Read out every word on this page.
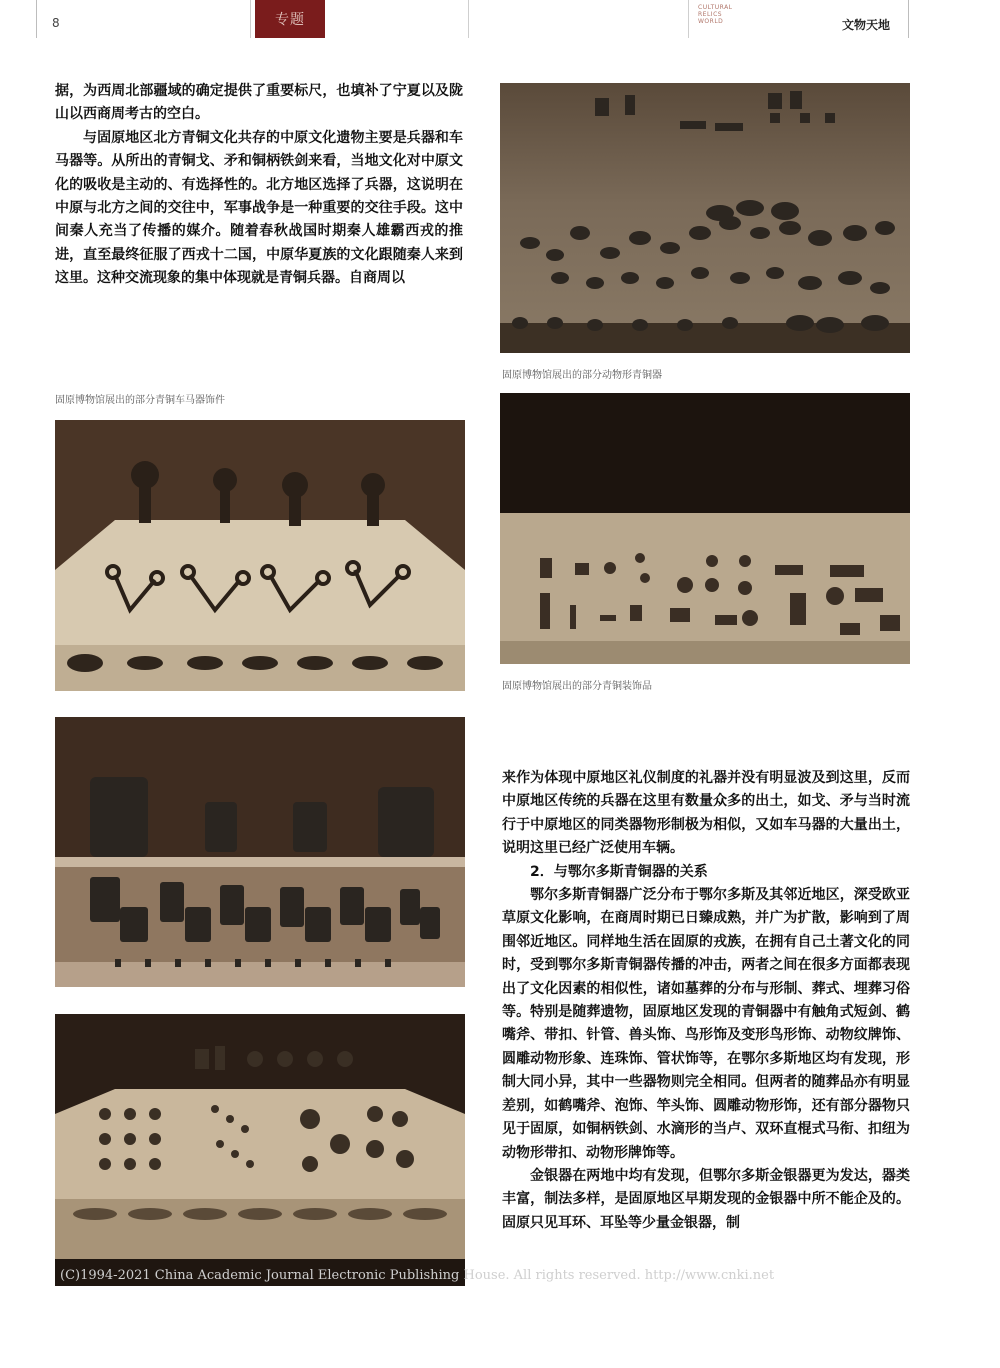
8	专题
CULTURAL
RELICS
WORLD	文物天地

据，为西周北部疆域的确定提供了重要标尺，也填补了宁夏以及陇山以西商周考古的空白。

与固原地区北方青铜文化共存的中原文化遗物主要是兵器和车马器等。从所出的青铜戈、矛和铜柄铁剑来看，当地文化对中原文化的吸收是主动的、有选择性的。北方地区选择了兵器，这说明在中原与北方之间的交往中，军事战争是一种重要的交往手段。这中间秦人充当了传播的媒介。随着春秋战国时期秦人雄霸西戎的推进，直至最终征服了西戎十二国，中原华夏族的文化跟随秦人来到这里。这种交流现象的集中体现就是青铜兵器。自商周以

固原博物馆展出的部分动物形青铜器
固原博物馆展出的部分青铜车马器饰件
固原博物馆展出的部分青铜装饰品

来作为体现中原地区礼仪制度的礼器并没有明显波及到这里，反而中原地区传统的兵器在这里有数量众多的出土，如戈、矛与当时流行于中原地区的同类器物形制极为相似，又如车马器的大量出土，说明这里已经广泛使用车辆。

2．与鄂尔多斯青铜器的关系

鄂尔多斯青铜器广泛分布于鄂尔多斯及其邻近地区，深受欧亚草原文化影响，在商周时期已日臻成熟，并广为扩散，影响到了周围邻近地区。同样地生活在固原的戎族，在拥有自己土著文化的同时，受到鄂尔多斯青铜器传播的冲击，两者之间在很多方面都表现出了文化因素的相似性，诸如墓葬的分布与形制、葬式、埋葬习俗等。特别是随葬遗物，固原地区发现的青铜器中有触角式短剑、鹤嘴斧、带扣、针管、兽头饰、鸟形饰及变形鸟形饰、动物纹牌饰、圆雕动物形象、连珠饰、管状饰等，在鄂尔多斯地区均有发现，形制大同小异，其中一些器物则完全相同。但两者的随葬品亦有明显差别，如鹤嘴斧、泡饰、竿头饰、圆雕动物形饰，还有部分器物只见于固原，如铜柄铁剑、水滴形的当卢、双环直棍式马衔、扣纽为动物形带扣、动物形牌饰等。

金银器在两地中均有发现，但鄂尔多斯金银器更为发达，器类丰富，制法多样，是固原地区早期发现的金银器中所不能企及的。固原只见耳环、耳坠等少量金银器，制

(C)1994-2021 China Academic Journal Electronic Publishing House. All rights reserved. http://www.cnki.net
